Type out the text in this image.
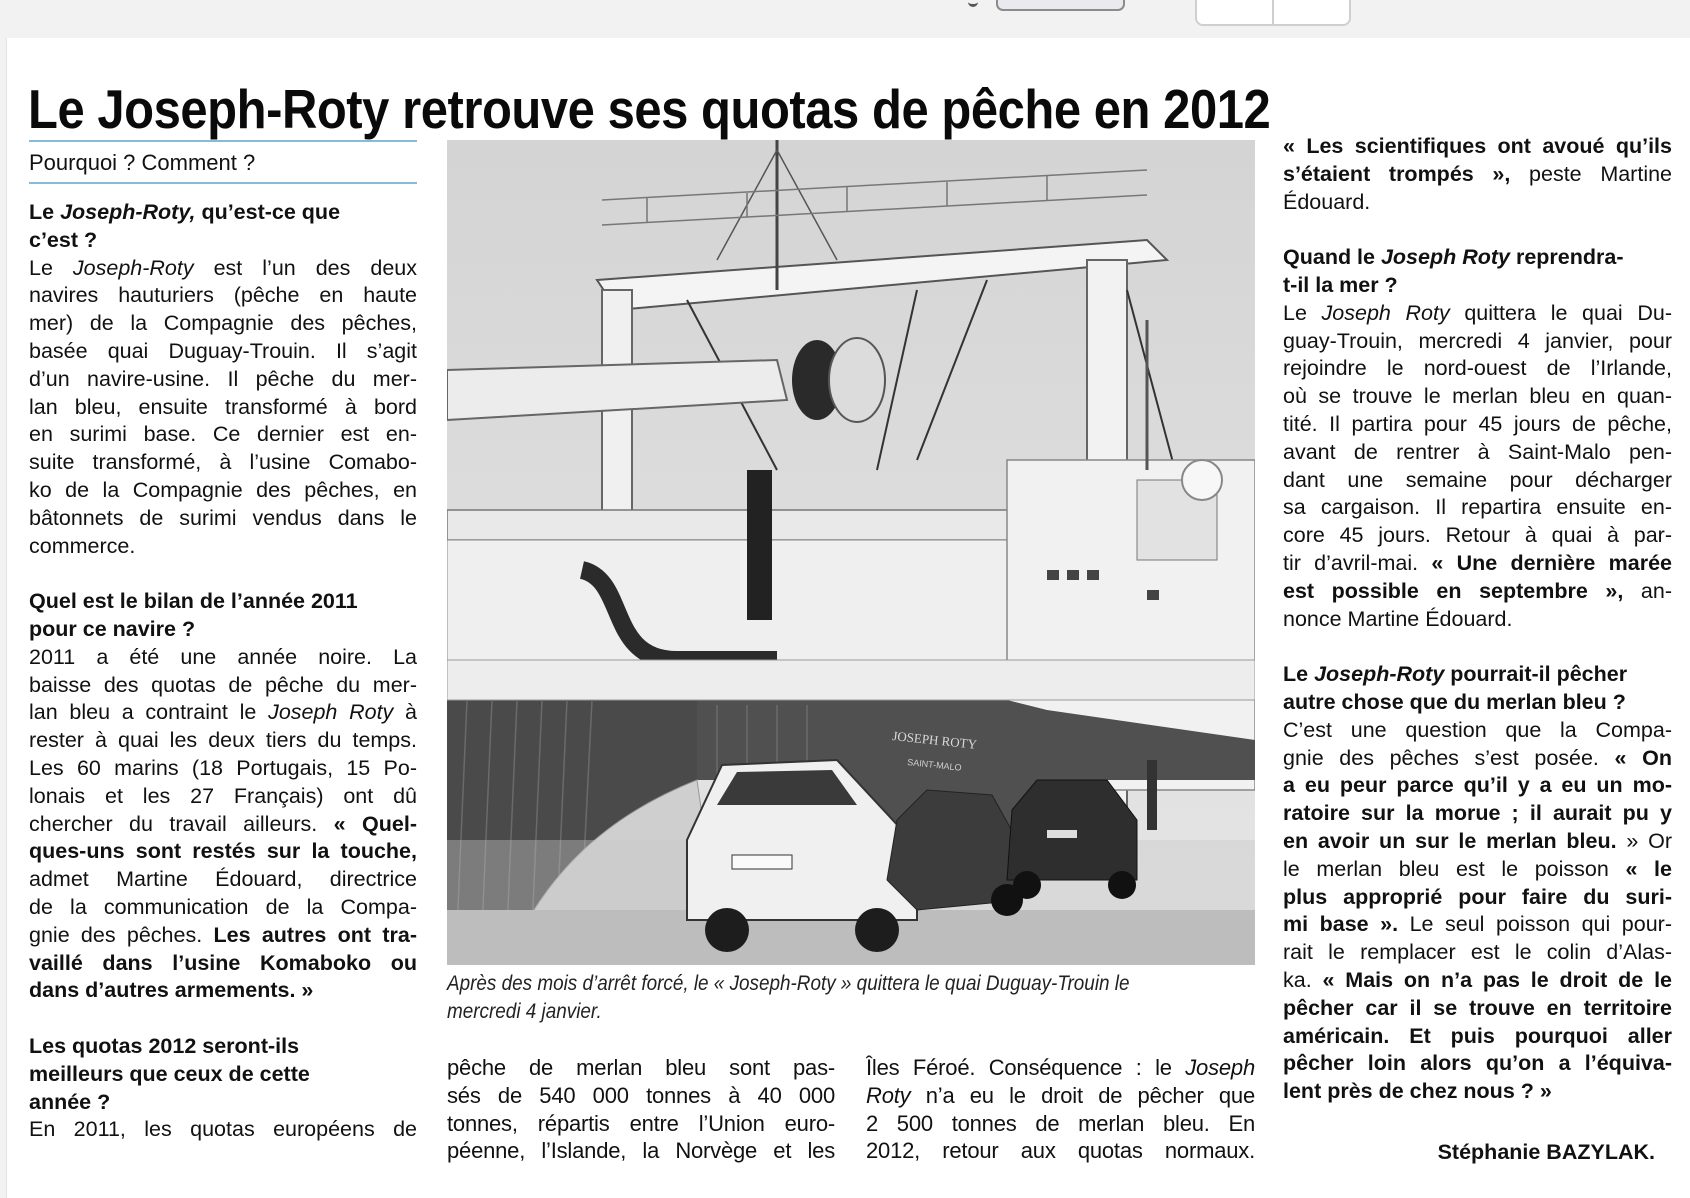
Le Joseph-Roty retrouve ses quotas de pêche en 2012
Pourquoi ? Comment ?
Le Joseph-Roty, qu’est-ce que
c’est ?
Le Joseph-Roty est l’un des deux
navires hauturiers (pêche en haute
mer) de la Compagnie des pêches,
basée quai Duguay-Trouin. Il s’agit
d’un navire-usine. Il pêche du mer-
lan bleu, ensuite transformé à bord
en surimi base. Ce dernier est en-
suite transformé, à l’usine Comabo-
ko de la Compagnie des pêches, en
bâtonnets de surimi vendus dans le
commerce.
Quel est le bilan de l’année 2011
pour ce navire ?
2011 a été une année noire. La
baisse des quotas de pêche du mer-
lan bleu a contraint le Joseph Roty à
rester à quai les deux tiers du temps.
Les 60 marins (18 Portugais, 15 Po-
lonais et les 27 Français) ont dû
chercher du travail ailleurs. « Quel-
ques-uns sont restés sur la touche,
admet Martine Édouard, directrice
de la communication de la Compa-
gnie des pêches. Les autres ont tra-
vaillé dans l’usine Komaboko ou
dans d’autres armements. »
Les quotas 2012 seront-ils
meilleurs que ceux de cette
année ?
En 2011, les quotas européens de
JOSEPH ROTY
SAINT-MALO
Après des mois d’arrêt forcé, le « Joseph-Roty » quittera le quai Duguay-Trouin le
mercredi 4 janvier.
pêche de merlan bleu sont pas-
sés de 540 000 tonnes à 40 000
tonnes, répartis entre l’Union euro-
péenne, l’Islande, la Norvège et les
Îles Féroé. Conséquence : le Joseph
Roty n’a eu le droit de pêcher que
2 500 tonnes de merlan bleu. En
2012, retour aux quotas normaux.
« Les scientifiques ont avoué qu’ils
s’étaient trompés », peste Martine
Édouard.
Quand le Joseph Roty reprendra-
t-il la mer ?
Le Joseph Roty quittera le quai Du-
guay-Trouin, mercredi 4 janvier, pour
rejoindre le nord-ouest de l’Irlande,
où se trouve le merlan bleu en quan-
tité. Il partira pour 45 jours de pêche,
avant de rentrer à Saint-Malo pen-
dant une semaine pour décharger
sa cargaison. Il repartira ensuite en-
core 45 jours. Retour à quai à par-
tir d’avril-mai. « Une dernière marée
est possible en septembre », an-
nonce Martine Édouard.
Le Joseph-Roty pourrait-il pêcher
autre chose que du merlan bleu ?
C’est une question que la Compa-
gnie des pêches s’est posée. « On
a eu peur parce qu’il y a eu un mo-
ratoire sur la morue ; il aurait pu y
en avoir un sur le merlan bleu. » Or
le merlan bleu est le poisson « le
plus approprié pour faire du suri-
mi base ». Le seul poisson qui pour-
rait le remplacer est le colin d’Alas-
ka. « Mais on n’a pas le droit de le
pêcher car il se trouve en territoire
américain. Et puis pourquoi aller
pêcher loin alors qu’on a l’équiva-
lent près de chez nous ? »
Stéphanie BAZYLAK.
